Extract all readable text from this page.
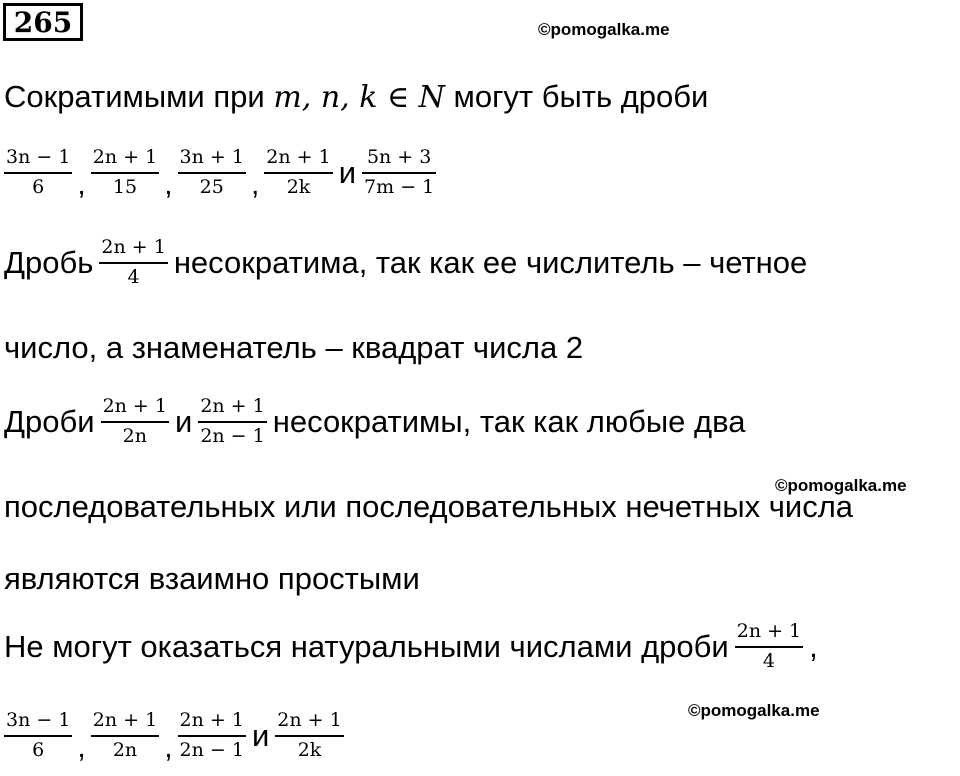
265	©pomogalka.me
Сократимыми при m, n, k ∈ N могут быть дроби
$\frac{3n - 1}{6}$ , $\frac{2n + 1}{15}$ , $\frac{3n + 1}{25}$ , $\frac{2n + 1}{2k}$ и $\frac{5n + 3}{7m - 1}$
Дробь $\frac{2n + 1}{4}$ несократима, так как ее числитель – четное
число, а знаменатель – квадрат числа 2
Дроби $\frac{2n + 1}{2n}$ и $\frac{2n + 1}{2n - 1}$ несократимы, так как любые два
©pomogalka.me
последовательных или последовательных нечетных числа
являются взаимно простыми
Не могут оказаться натуральными числами дроби $\frac{2n + 1}{4}$ ,
©pomogalka.me
$\frac{3n - 1}{6}$ , $\frac{2n + 1}{2n}$ , $\frac{2n + 1}{2n - 1}$ и $\frac{2n + 1}{2k}$
